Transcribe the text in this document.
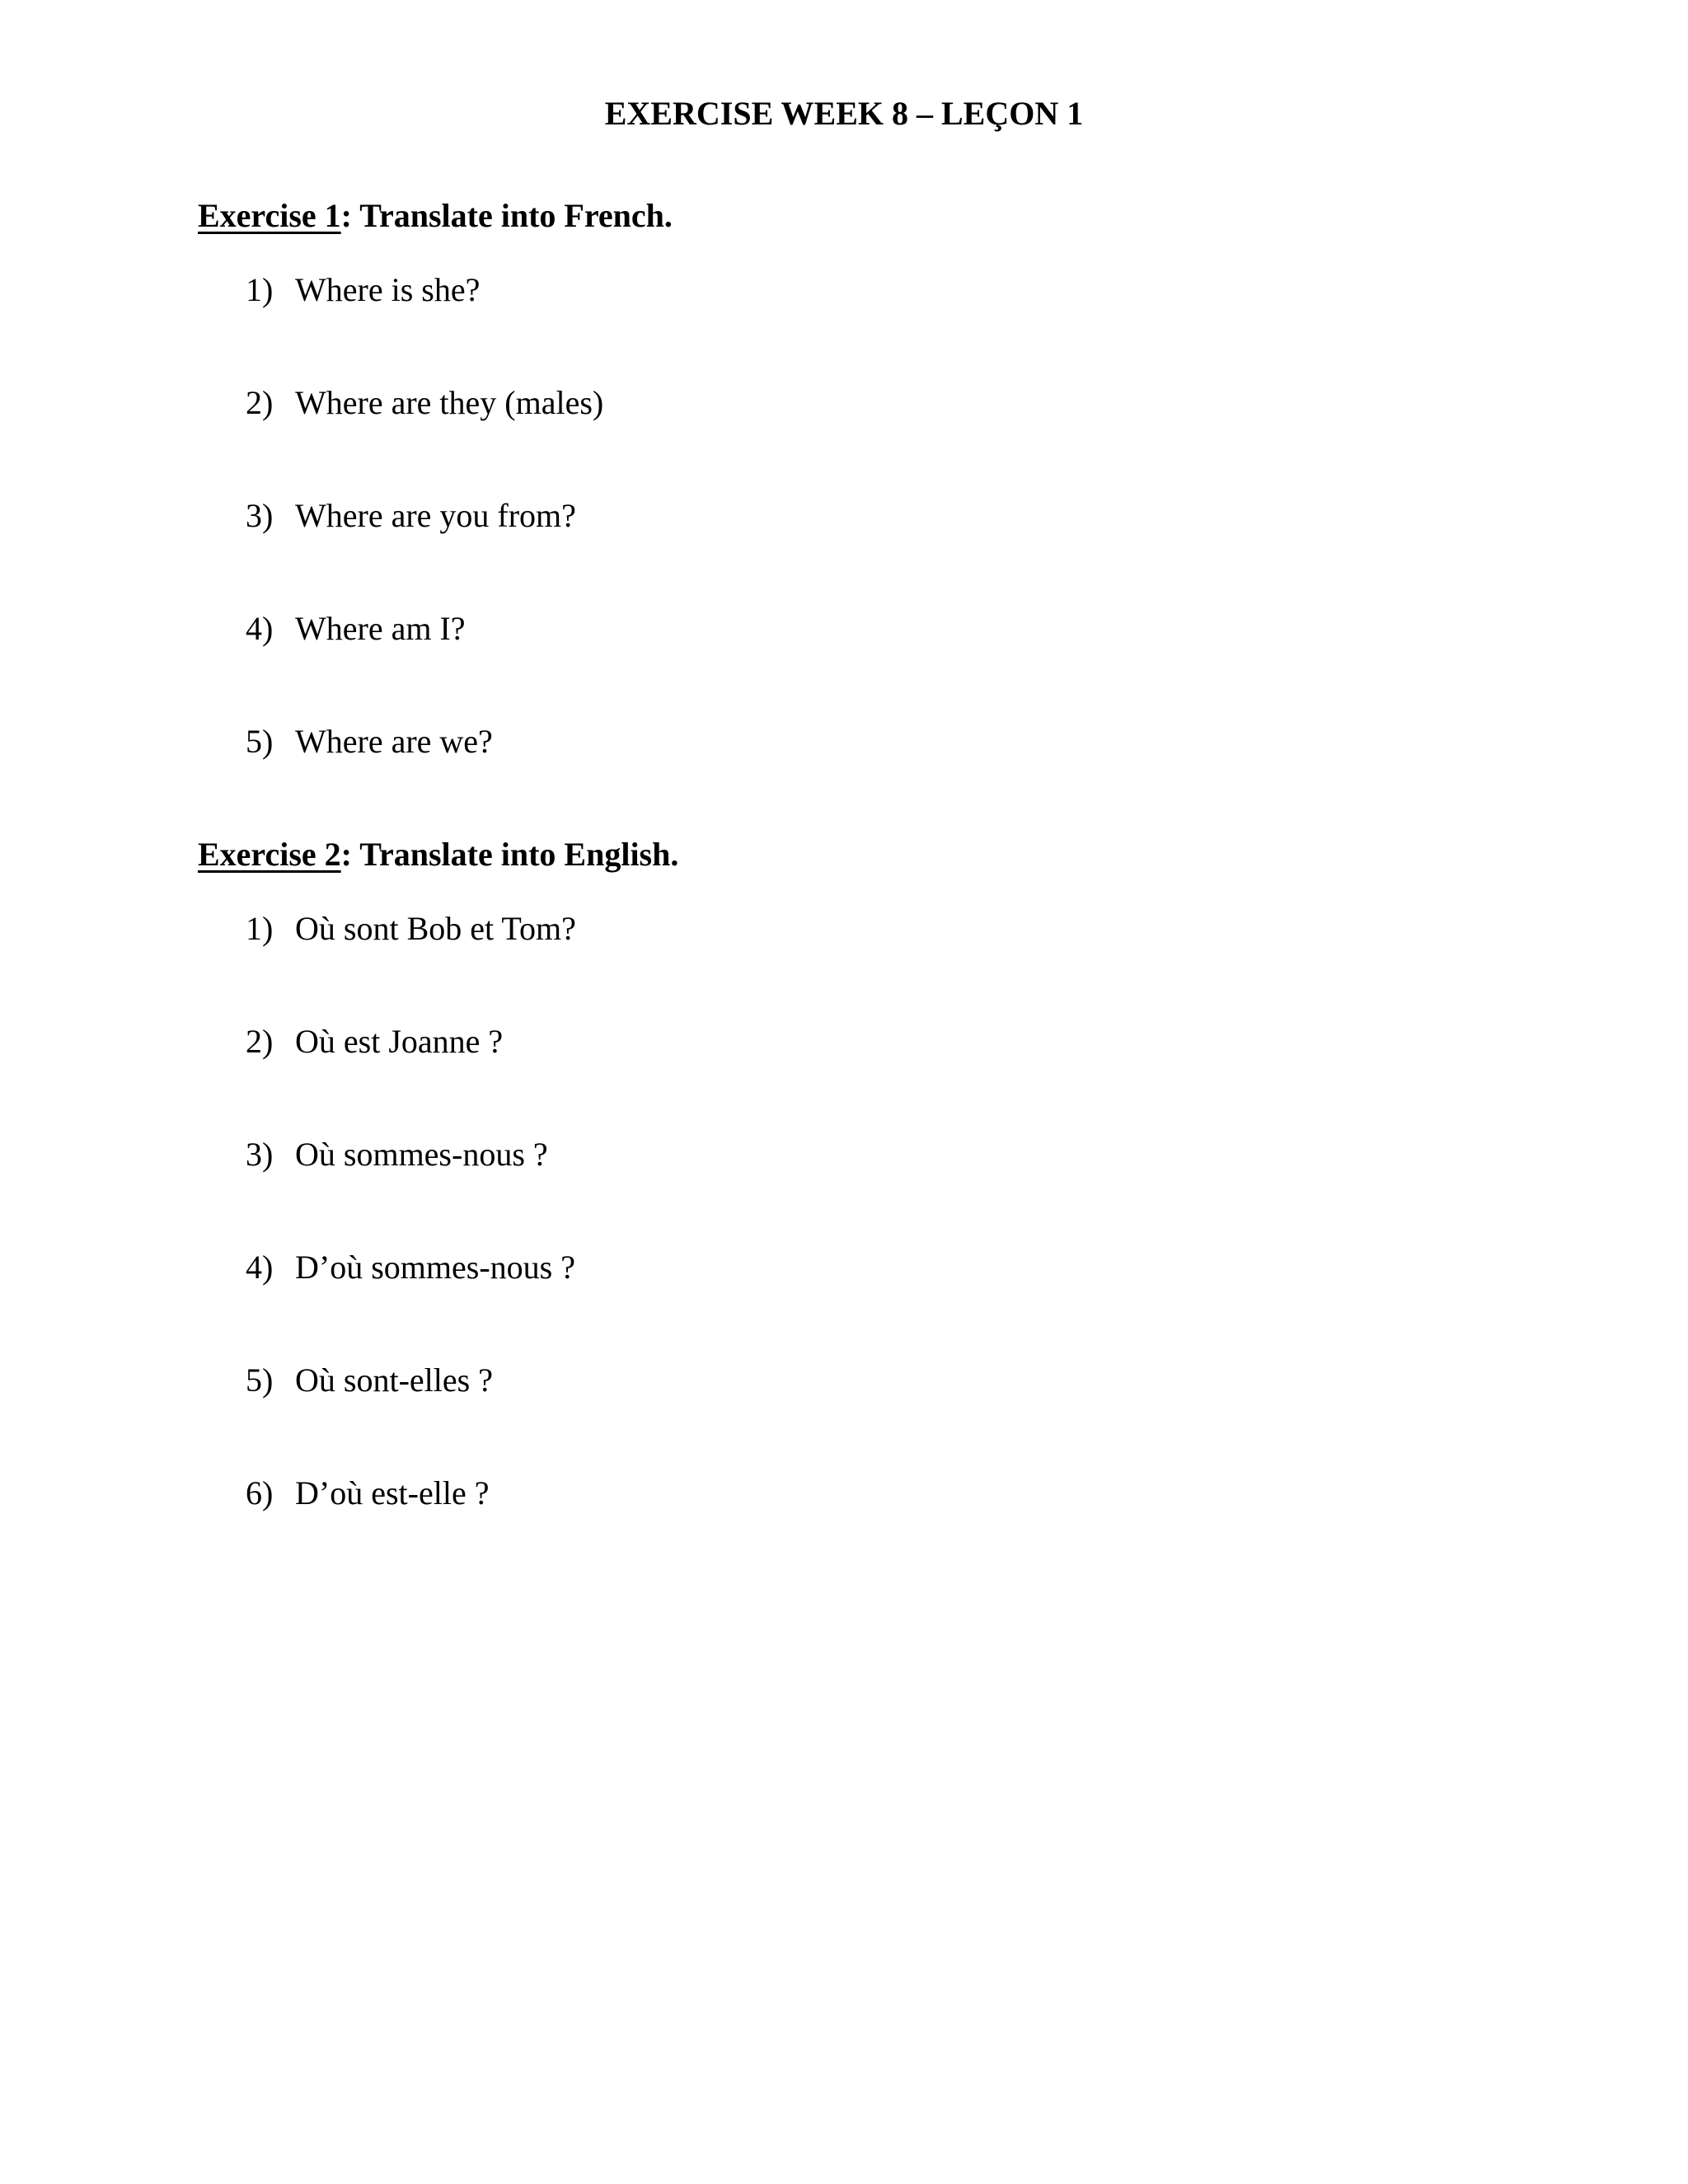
EXERCISE WEEK 8 – LEÇON 1
Exercise 1: Translate into French.
1) Where is she?
2) Where are they (males)
3) Where are you from?
4) Where am I?
5) Where are we?
Exercise 2: Translate into English.
1) Où sont Bob et Tom?
2) Où est Joanne ?
3) Où sommes-nous ?
4) D’où sommes-nous ?
5) Où sont-elles ?
6) D’où est-elle ?
